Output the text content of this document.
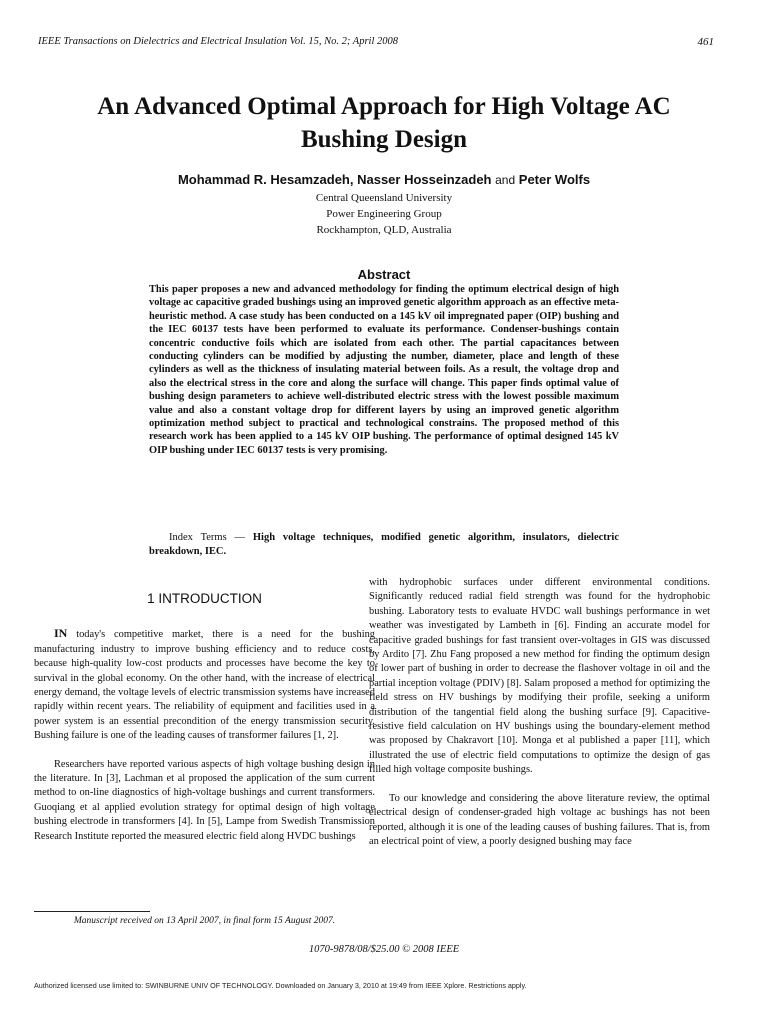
IEEE Transactions on Dielectrics and Electrical Insulation Vol. 15, No. 2; April 2008	461
An Advanced Optimal Approach for High Voltage AC Bushing Design
Mohammad R. Hesamzadeh, Nasser Hosseinzadeh and Peter Wolfs
Central Queensland University
Power Engineering Group
Rockhampton, QLD, Australia
Abstract

This paper proposes a new and advanced methodology for finding the optimum electrical design of high voltage ac capacitive graded bushings using an improved genetic algorithm approach as an effective meta-heuristic method. A case study has been conducted on a 145 kV oil impregnated paper (OIP) bushing and the IEC 60137 tests have been performed to evaluate its performance. Condenser-bushings contain concentric conductive foils which are isolated from each other. The partial capacitances between conducting cylinders can be modified by adjusting the number, diameter, place and length of these cylinders as well as the thickness of insulating material between foils. As a result, the voltage drop and also the electrical stress in the core and along the surface will change. This paper finds optimal value of bushing design parameters to achieve well-distributed electric stress with the lowest possible maximum value and also a constant voltage drop for different layers by using an improved genetic algorithm optimization method subject to practical and technological constrains. The proposed method of this research work has been applied to a 145 kV OIP bushing. The performance of optimal designed 145 kV OIP bushing under IEC 60137 tests is very promising.

Index Terms — High voltage techniques, modified genetic algorithm, insulators, dielectric breakdown, IEC.

1 INTRODUCTION

IN today's competitive market, there is a need for the bushing manufacturing industry to improve bushing efficiency and to reduce costs, because high-quality low-cost products and processes have become the key to survival in the global economy. On the other hand, with the increase of electrical energy demand, the voltage levels of electric transmission systems have increased rapidly within recent years. The reliability of equipment and facilities used in a power system is an essential precondition of the energy transmission security. Bushing failure is one of the leading causes of transformer failures [1, 2].

Researchers have reported various aspects of high voltage bushing design in the literature. In [3], Lachman et al proposed the application of the sum current method to on-line diagnostics of high-voltage bushings and current transformers. Guoqiang et al applied evolution strategy for optimal design of high voltage bushing electrode in transformers [4]. In [5], Lampe from Swedish Transmission Research Institute reported the measured electric field along HVDC bushings

with hydrophobic surfaces under different environmental conditions. Significantly reduced radial field strength was found for the hydrophobic bushing. Laboratory tests to evaluate HVDC wall bushings performance in wet weather was investigated by Lambeth in [6]. Finding an accurate model for capacitive graded bushings for fast transient over-voltages in GIS was discussed by Ardito [7]. Zhu Fang proposed a new method for finding the optimum design of lower part of bushing in order to decrease the flashover voltage in oil and the partial inception voltage (PDIV) [8]. Salam proposed a method for optimizing the field stress on HV bushings by modifying their profile, seeking a uniform distribution of the tangential field along the bushing surface [9]. Capacitive-resistive field calculation on HV bushings using the boundary-element method was proposed by Chakravort [10]. Monga et al published a paper [11], which illustrated the use of electric field computations to optimize the design of gas filled high voltage composite bushings.

To our knowledge and considering the above literature review, the optimal electrical design of condenser-graded high voltage ac bushings has not been reported, although it is one of the leading causes of bushing failures. That is, from an electrical point of view, a poorly designed bushing may face

Manuscript received on 13 April 2007, in final form 15 August 2007.
1070-9878/08/$25.00 © 2008 IEEE
Authorized licensed use limited to: SWINBURNE UNIV OF TECHNOLOGY. Downloaded on January 3, 2010 at 19:49 from IEEE Xplore. Restrictions apply.
